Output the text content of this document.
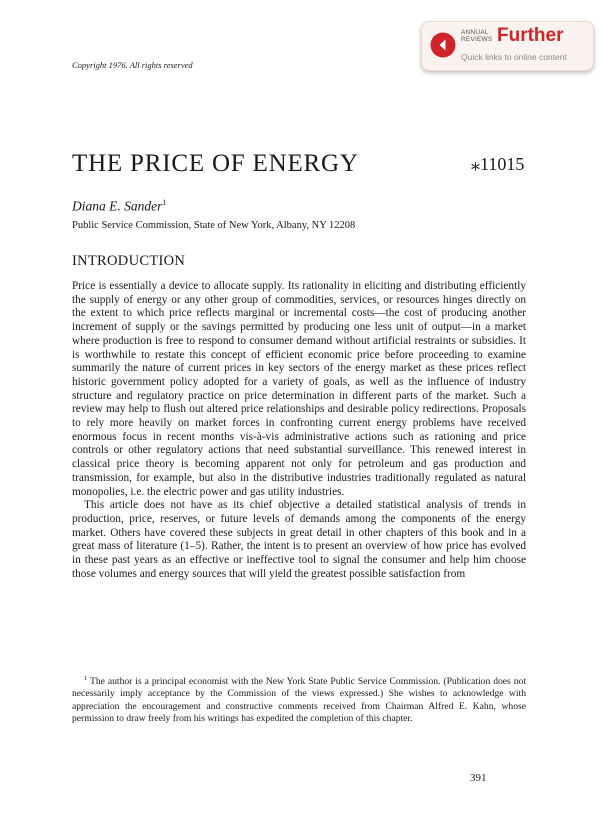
Copyright 1976. All rights reserved
ANNUAL
REVIEWS Further
Quick links to online content
THE PRICE OF ENERGY	⁎11015
Diana E. Sander$^1$
Public Service Commission, State of New York, Albany, NY 12208
INTRODUCTION

Price is essentially a device to allocate supply. Its rationality in eliciting and distributing efficiently the supply of energy or any other group of commodities, services, or resources hinges directly on the extent to which price reflects marginal or incremental costs—the cost of producing another increment of supply or the savings permitted by producing one less unit of output—in a market where production is free to respond to consumer demand without artificial restraints or subsidies. It is worthwhile to restate this concept of efficient economic price before proceeding to examine summarily the nature of current prices in key sectors of the energy market as these prices reflect historic government policy adopted for a variety of goals, as well as the influence of industry structure and regulatory practice on price determination in different parts of the market. Such a review may help to flush out altered price relationships and desirable policy redirections. Proposals to rely more heavily on market forces in confronting current energy problems have received enormous focus in recent months vis-à-vis administrative actions such as rationing and price controls or other regulatory actions that need substantial surveillance. This renewed interest in classical price theory is becoming apparent not only for petroleum and gas production and transmission, for example, but also in the distributive industries traditionally regulated as natural monopolies, i.e. the electric power and gas utility industries.

This article does not have as its chief objective a detailed statistical analysis of trends in production, price, reserves, or future levels of demands among the components of the energy market. Others have covered these subjects in great detail in other chapters of this book and in a great mass of literature (1–5). Rather, the intent is to present an overview of how price has evolved in these past years as an effective or ineffective tool to signal the consumer and help him choose those volumes and energy sources that will yield the greatest possible satisfaction from

$^1$ The author is a principal economist with the New York State Public Service Commission. (Publication does not necessarily imply acceptance by the Commission of the views expressed.) She wishes to acknowledge with appreciation the encouragement and constructive comments received from Chairman Alfred E. Kahn, whose permission to draw freely from his writings has expedited the completion of this chapter.
391
